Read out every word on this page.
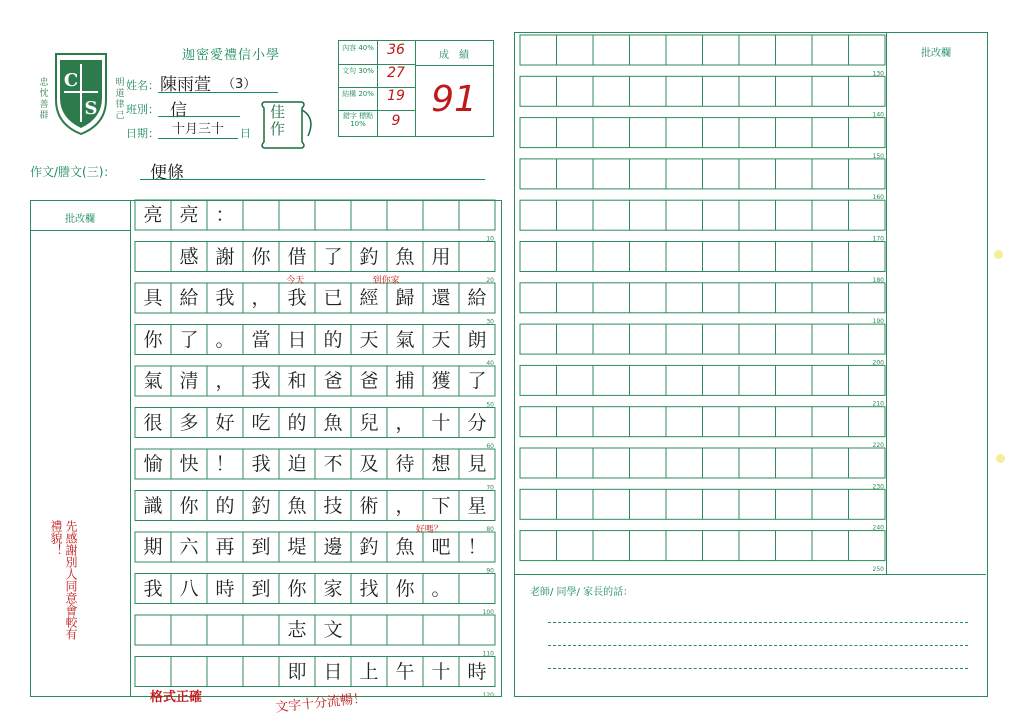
C
S
忠忱善群
明道律己
迦密愛禮信小學
姓名： 陳雨萱 （3）
班別： 信
日期： 十月三十 日
佳作
成　績
內容 40% 36
文句 30% 27
結構 20% 19
錯字 標點 10%	9
91
作文/謄文(三)： 便條
批改欄
先感謝別人同意會較有禮貌！
格式正確	文字十分流暢！
10
20
30
40
50
60
70
80
90
100
110
120
亮 亮 ：
感 謝 你 借 了 釣 魚 用
具 給 我 ， 我 已 經 歸 還 給
你 了 。 當 日 的 天 氣 天 朗
氣 清 ， 我 和 爸 爸 捕 獲 了
很 多 好 吃 的 魚 兒 ， 十 分
愉 快 ！ 我 迫 不 及 待 想 見
識 你 的 釣 魚 技 術 ， 下 星
期 六 再 到 堤 邊 釣 魚 吧 ！
我 八 時 到 你 家 找 你 。
志 文
即 日 上 午 十 時
今天	到你家
好嗎？
批改欄
130
140
150
160
170
180
190
200
210
220
230
240
250
老師/ 同學/ 家長的話：
